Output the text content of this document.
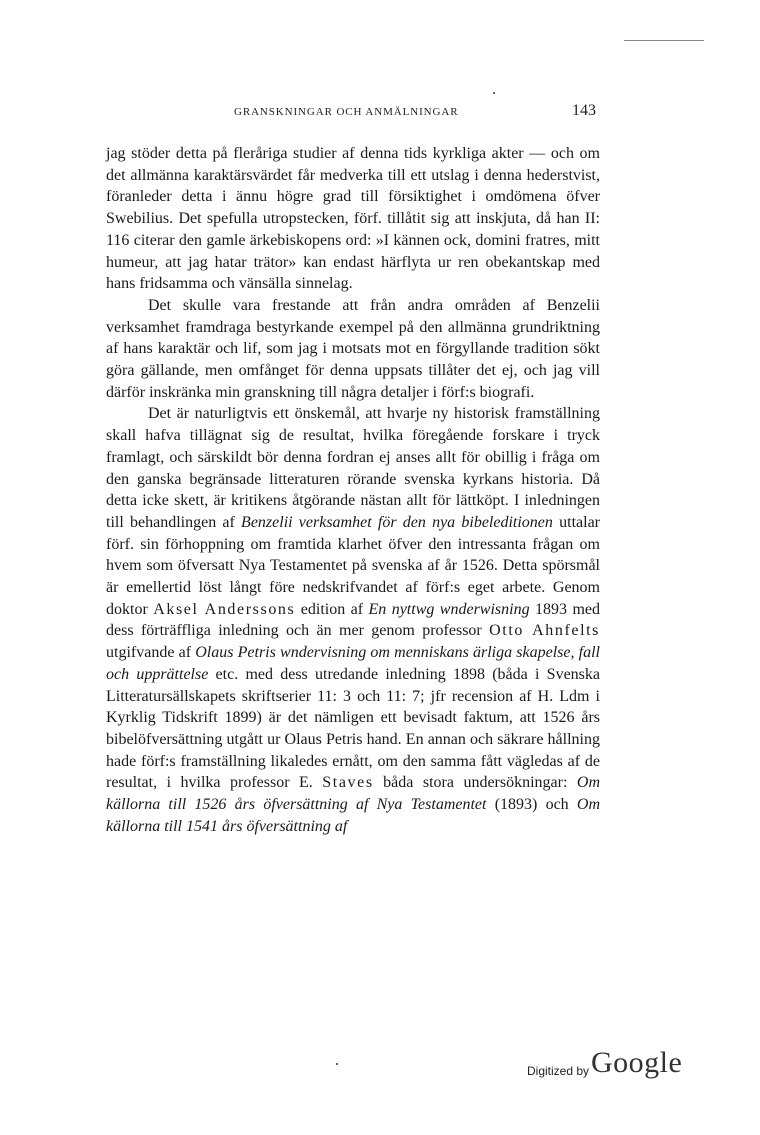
GRANSKNINGAR OCH ANMÄLNINGAR	143

jag stöder detta på fleråriga studier af denna tids kyrkliga akter — och om det allmänna karaktärsvärdet får medverka till ett utslag i denna hederstvist, föranleder detta i ännu högre grad till försiktighet i omdömena öfver Swebilius. Det spefulla utropstecken, förf. tillåtit sig att inskjuta, då han II: 116 citerar den gamle ärkebiskopens ord: »I kännen ock, domini fratres, mitt humeur, att jag hatar trätor» kan endast härflyta ur ren obekantskap med hans fridsamma och vänsälla sinnelag.

Det skulle vara frestande att från andra områden af Benzelii verksamhet framdraga bestyrkande exempel på den allmänna grundriktning af hans karaktär och lif, som jag i motsats mot en förgyllande tradition sökt göra gällande, men omfånget för denna uppsats tillåter det ej, och jag vill därför inskränka min granskning till några detaljer i förf:s biografi.

Det är naturligtvis ett önskemål, att hvarje ny historisk framställning skall hafva tillägnat sig de resultat, hvilka föregående forskare i tryck framlagt, och särskildt bör denna fordran ej anses allt för obillig i fråga om den ganska begränsade litteraturen rörande svenska kyrkans historia. Då detta icke skett, är kritikens åtgörande nästan allt för lättköpt. I inledningen till behandlingen af Benzelii verksamhet för den nya bibeleditionen uttalar förf. sin förhoppning om framtida klarhet öfver den intressanta frågan om hvem som öfversatt Nya Testamentet på svenska af år 1526. Detta spörsmål är emellertid löst långt före nedskrifvandet af förf:s eget arbete. Genom doktor Aksel Anderssons edition af En nyttwg wnderwisning 1893 med dess förträffliga inledning och än mer genom professor Otto Ahnfelts utgifvande af Olaus Petris wndervisning om menniskans ärliga skapelse, fall och upprättelse etc. med dess utredande inledning 1898 (båda i Svenska Litteratursällskapets skriftserier 11: 3 och 11: 7; jfr recension af H. Ldm i Kyrklig Tidskrift 1899) är det nämligen ett bevisadt faktum, att 1526 års bibelöfversättning utgått ur Olaus Petris hand. En annan och säkrare hållning hade förf:s framställning likaledes ernått, om den samma fått vägledas af de resultat, i hvilka professor E. Staves båda stora undersökningar: Om källorna till 1526 års öfversättning af Nya Testamentet (1893) och Om källorna till 1541 års öfversättning af

Digitized by Google
